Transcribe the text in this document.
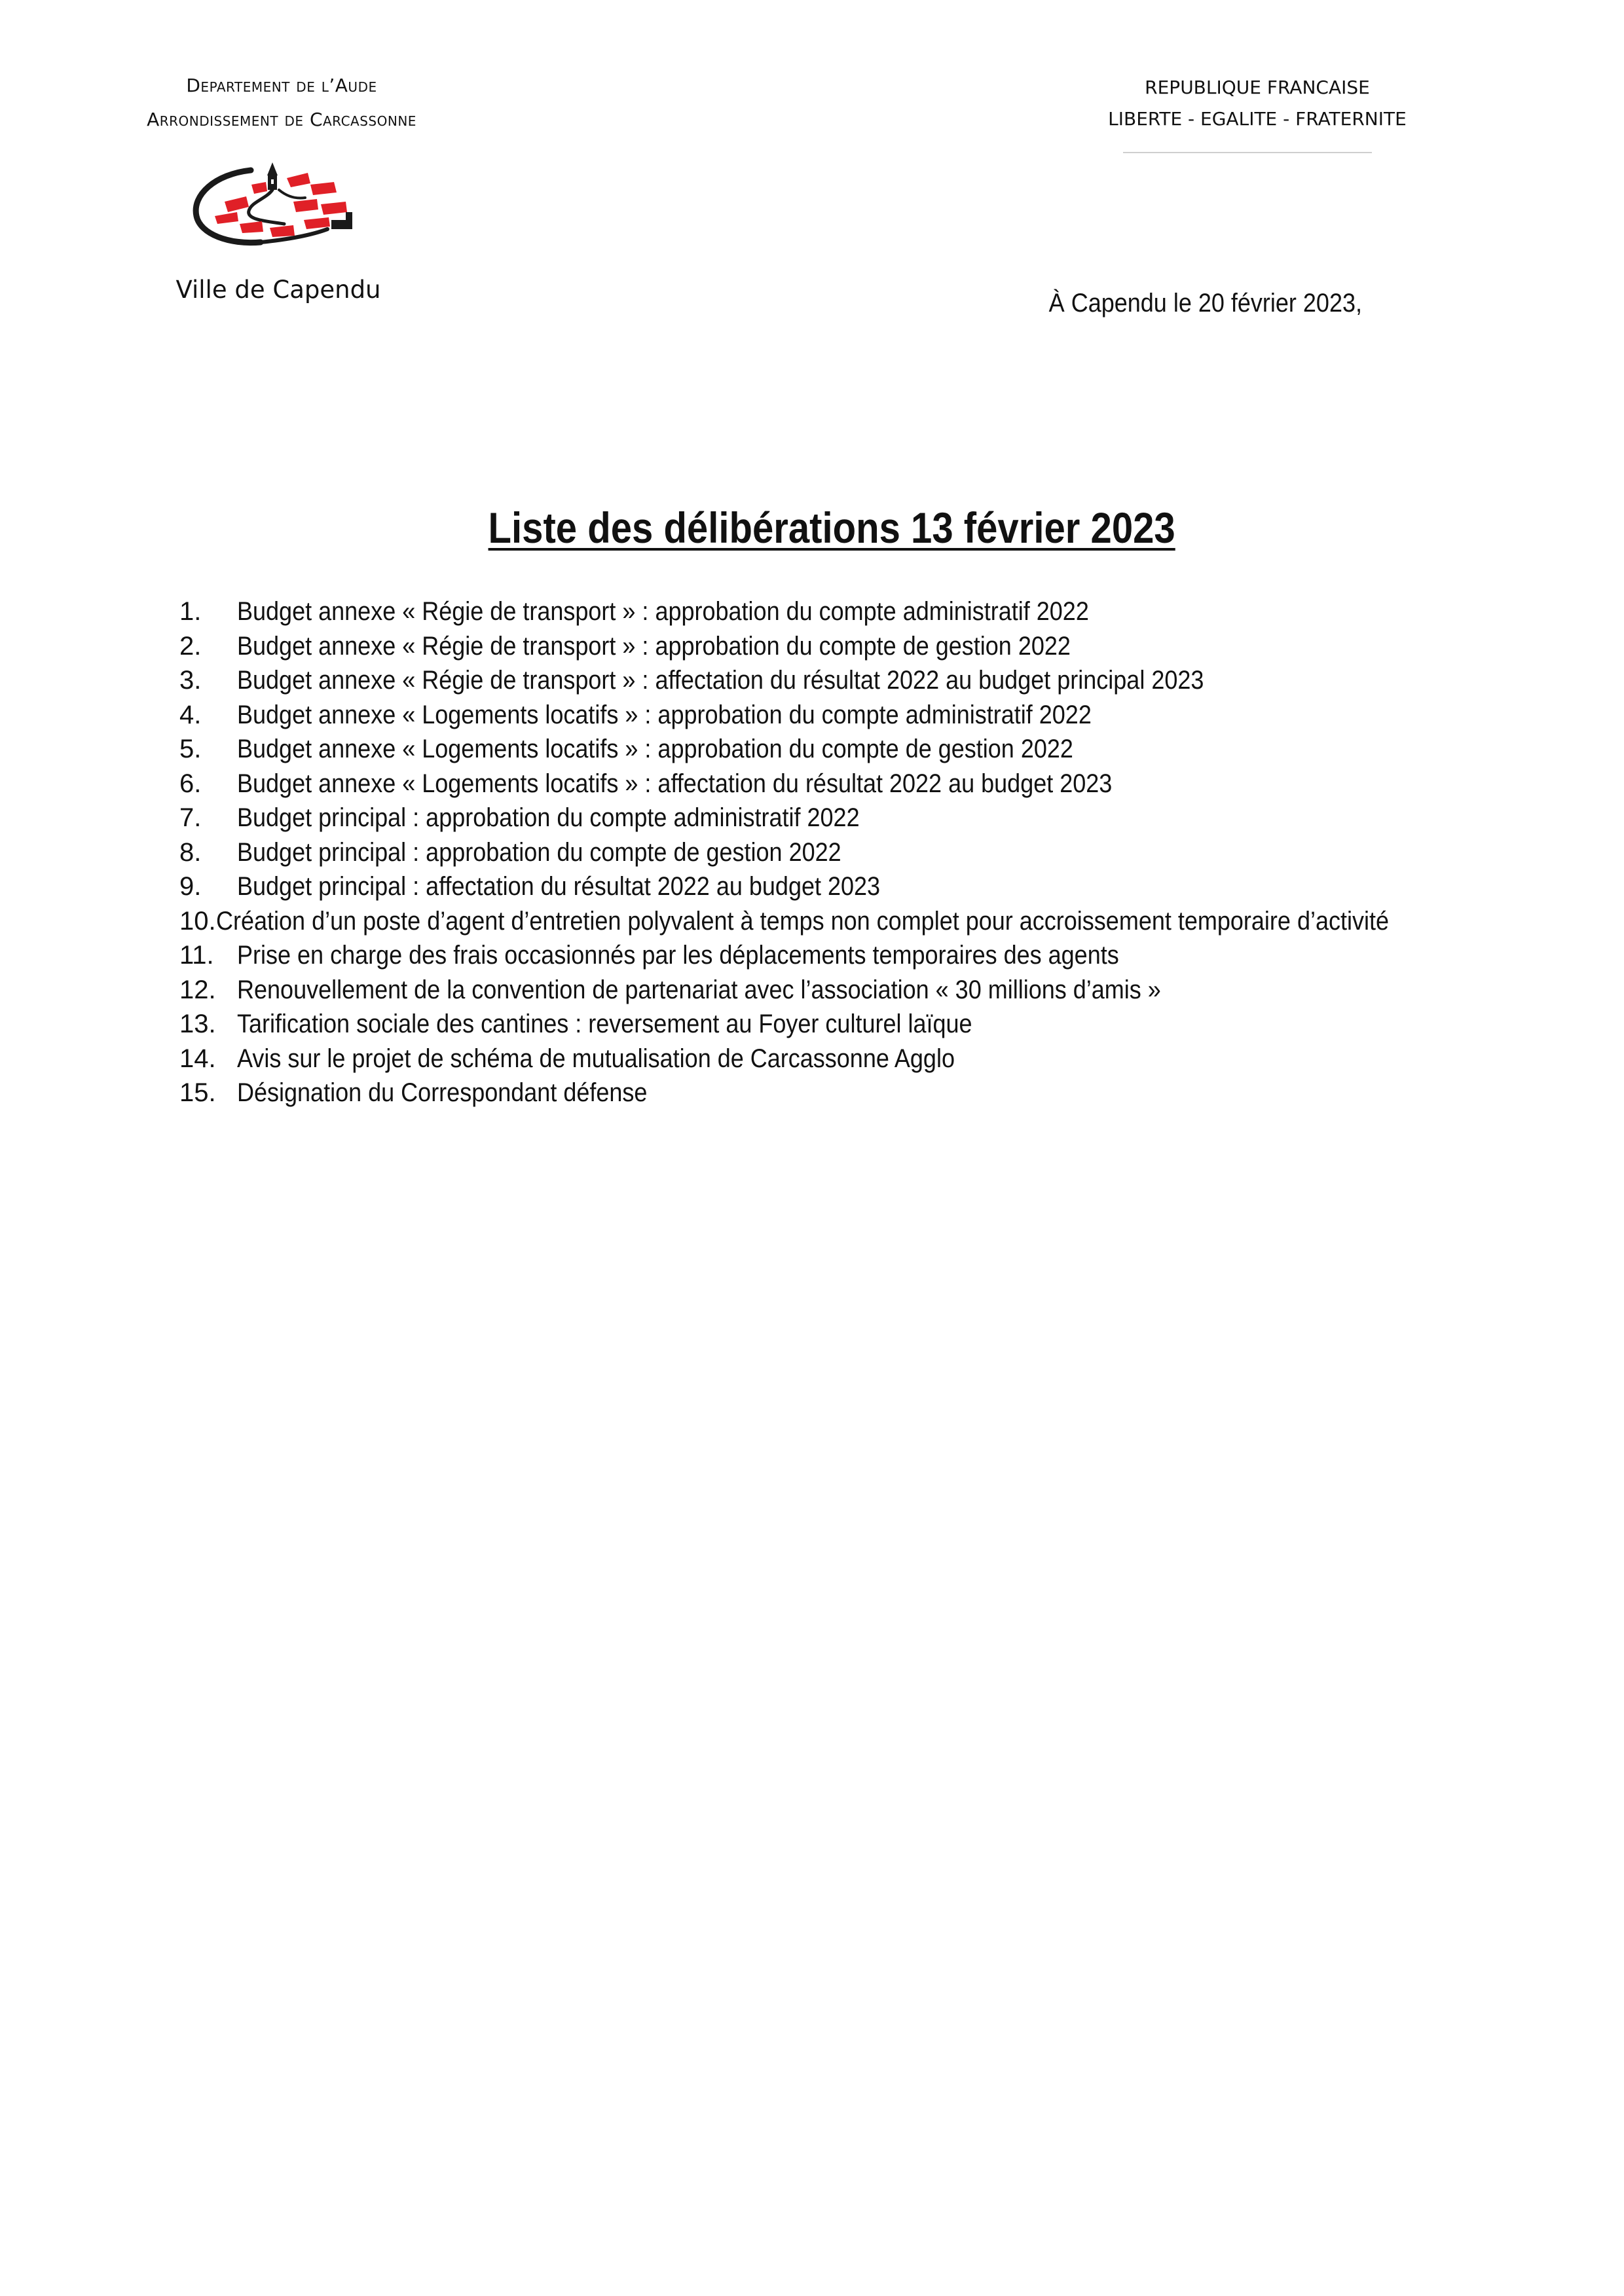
Departement de l’Aude
Arrondissement de Carcassonne
REPUBLIQUE FRANCAISE
LIBERTE - EGALITE - FRATERNITE
Ville de Capendu	À Capendu le 20 février 2023,
Liste des délibérations 13 février 2023
1.	Budget annexe « Régie de transport » : approbation du compte administratif 2022
2.	Budget annexe « Régie de transport » : approbation du compte de gestion 2022
3.	Budget annexe « Régie de transport » : affectation du résultat 2022 au budget principal 2023
4.	Budget annexe « Logements locatifs » : approbation du compte administratif 2022
5.	Budget annexe « Logements locatifs » : approbation du compte de gestion 2022
6.	Budget annexe « Logements locatifs » : affectation du résultat 2022 au budget 2023
7.	Budget principal : approbation du compte administratif 2022
8.	Budget principal : approbation du compte de gestion 2022
9.	Budget principal : affectation du résultat 2022 au budget 2023
10. Création d’un poste d’agent d’entretien polyvalent à temps non complet pour accroissement temporaire d’activité
11. Prise en charge des frais occasionnés par les déplacements temporaires des agents
12. Renouvellement de la convention de partenariat avec l’association « 30 millions d’amis »
13. Tarification sociale des cantines : reversement au Foyer culturel laïque
14. Avis sur le projet de schéma de mutualisation de Carcassonne Agglo
15. Désignation du Correspondant défense
